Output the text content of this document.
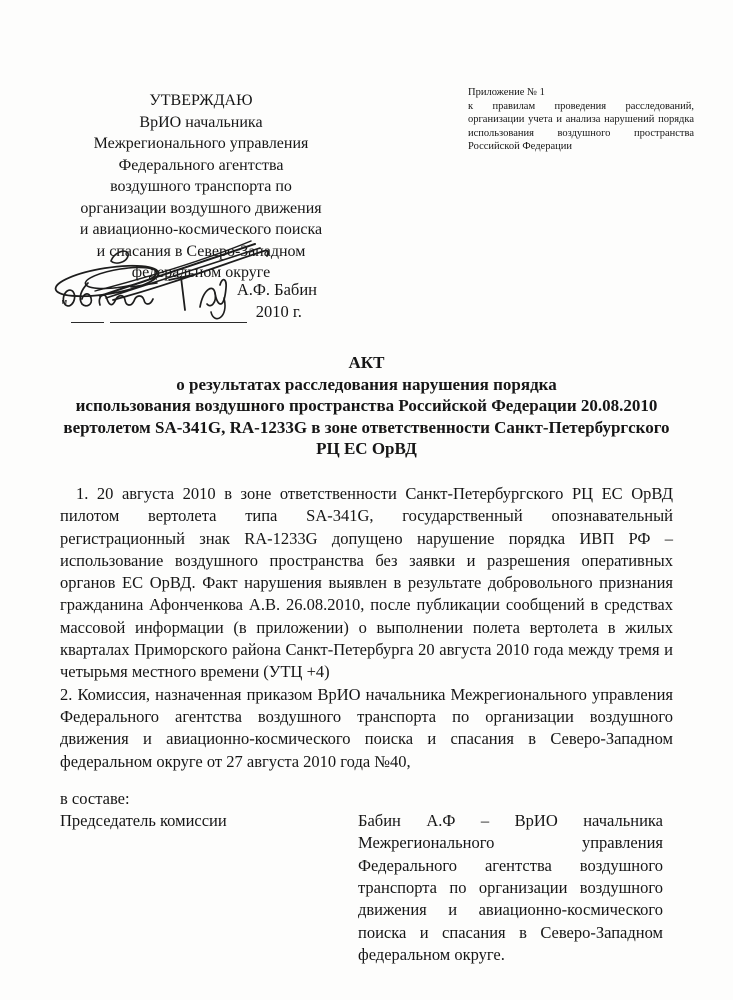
УТВЕРЖДАЮ
ВрИО начальника
Межрегионального управления
Федерального агентства
воздушного транспорта по
организации воздушного движения
и авиационно-космического поиска
и спасания в Северо-Западном
федеральном округе
А.Ф. Бабин
"	2010 г.
Приложение № 1
к правилам проведения расследований, организации учета и анализа нарушений порядка использования воздушного пространства Российской Федерации
АКТ
о результатах расследования нарушения порядка
использования воздушного пространства Российской Федерации 20.08.2010
вертолетом SA-341G, RA-1233G в зоне ответственности Санкт-Петербургского
РЦ ЕС ОрВД

1. 20 августа 2010 в зоне ответственности Санкт-Петербургского РЦ ЕС ОрВД пилотом вертолета типа SA-341G, государственный опознавательный регистрационный знак RA-1233G допущено нарушение порядка ИВП РФ – использование воздушного пространства без заявки и разрешения оперативных органов ЕС ОрВД. Факт нарушения выявлен в результате добровольного признания гражданина Афонченкова А.В. 26.08.2010, после публикации сообщений в средствах массовой информации (в приложении) о выполнении полета вертолета в жилых кварталах Приморского района Санкт-Петербурга 20 августа 2010 года между тремя и четырьмя местного времени (УТЦ +4)

2. Комиссия, назначенная приказом ВрИО начальника Межрегионального управления Федерального агентства воздушного транспорта по организации воздушного движения и авиационно-космического поиска и спасания в Северо-Западном федеральном округе от 27 августа 2010 года №40,

в составе:

Председатель комиссии	Бабин А.Ф – ВрИО начальника Межрегионального управления Федерального агентства воздушного транспорта по организации воздушного движения и авиационно-космического поиска и спасания в Северо-Западном федеральном округе.
